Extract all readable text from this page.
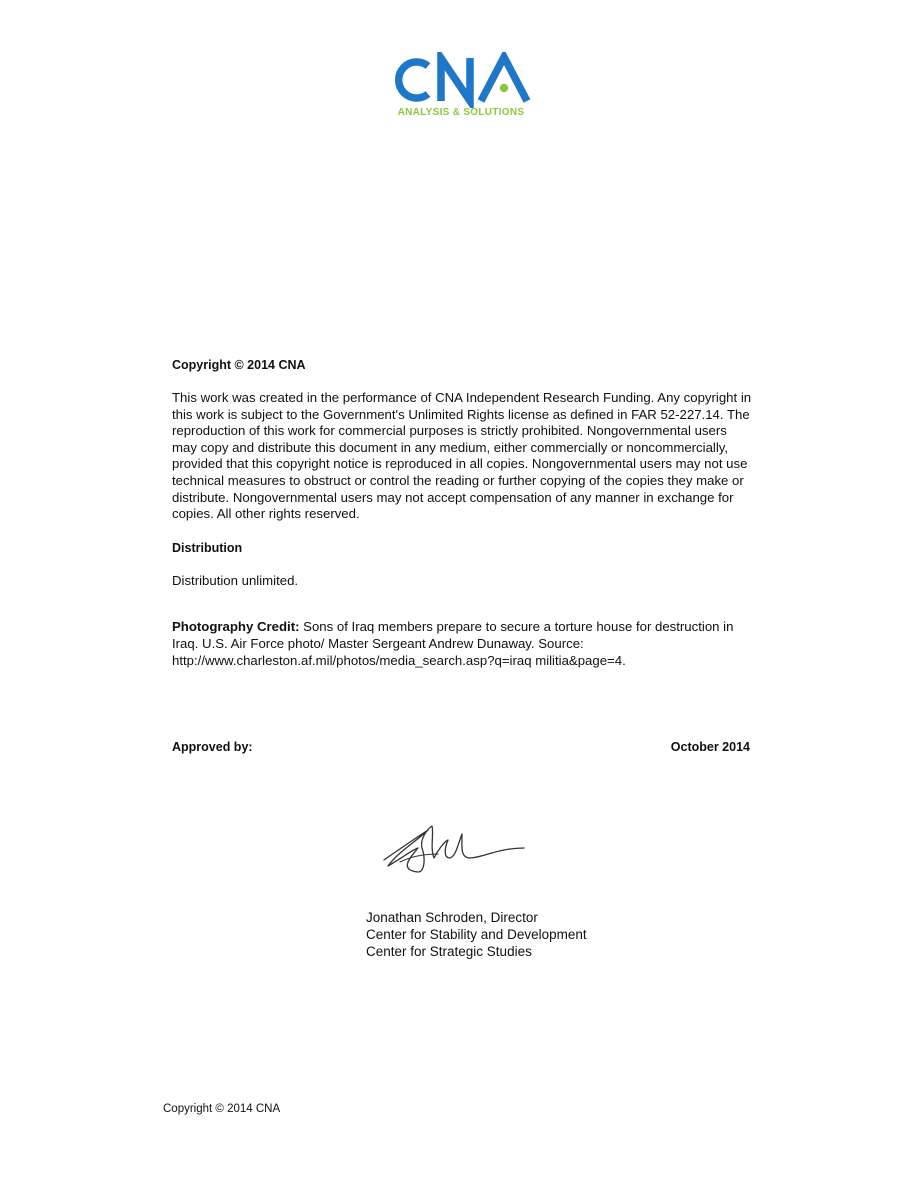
ANALYSIS & SOLUTIONS
Copyright © 2014 CNA
This work was created in the performance of CNA Independent Research Funding. Any copyright in this work is subject to the Government's Unlimited Rights license as defined in FAR 52-227.14. The reproduction of this work for commercial purposes is strictly prohibited. Nongovernmental users may copy and distribute this document in any medium, either commercially or noncommercially, provided that this copyright notice is reproduced in all copies. Nongovernmental users may not use technical measures to obstruct or control the reading or further copying of the copies they make or distribute. Nongovernmental users may not accept compensation of any manner in exchange for copies. All other rights reserved.
Distribution
Distribution unlimited.
Photography Credit: Sons of Iraq members prepare to secure a torture house for destruction in Iraq. U.S. Air Force photo/ Master Sergeant Andrew Dunaway. Source: http://www.charleston.af.mil/photos/media_search.asp?q=iraq militia&page=4.
Approved by:	October 2014
Jonathan Schroden, Director
Center for Stability and Development
Center for Strategic Studies
Copyright © 2014 CNA
